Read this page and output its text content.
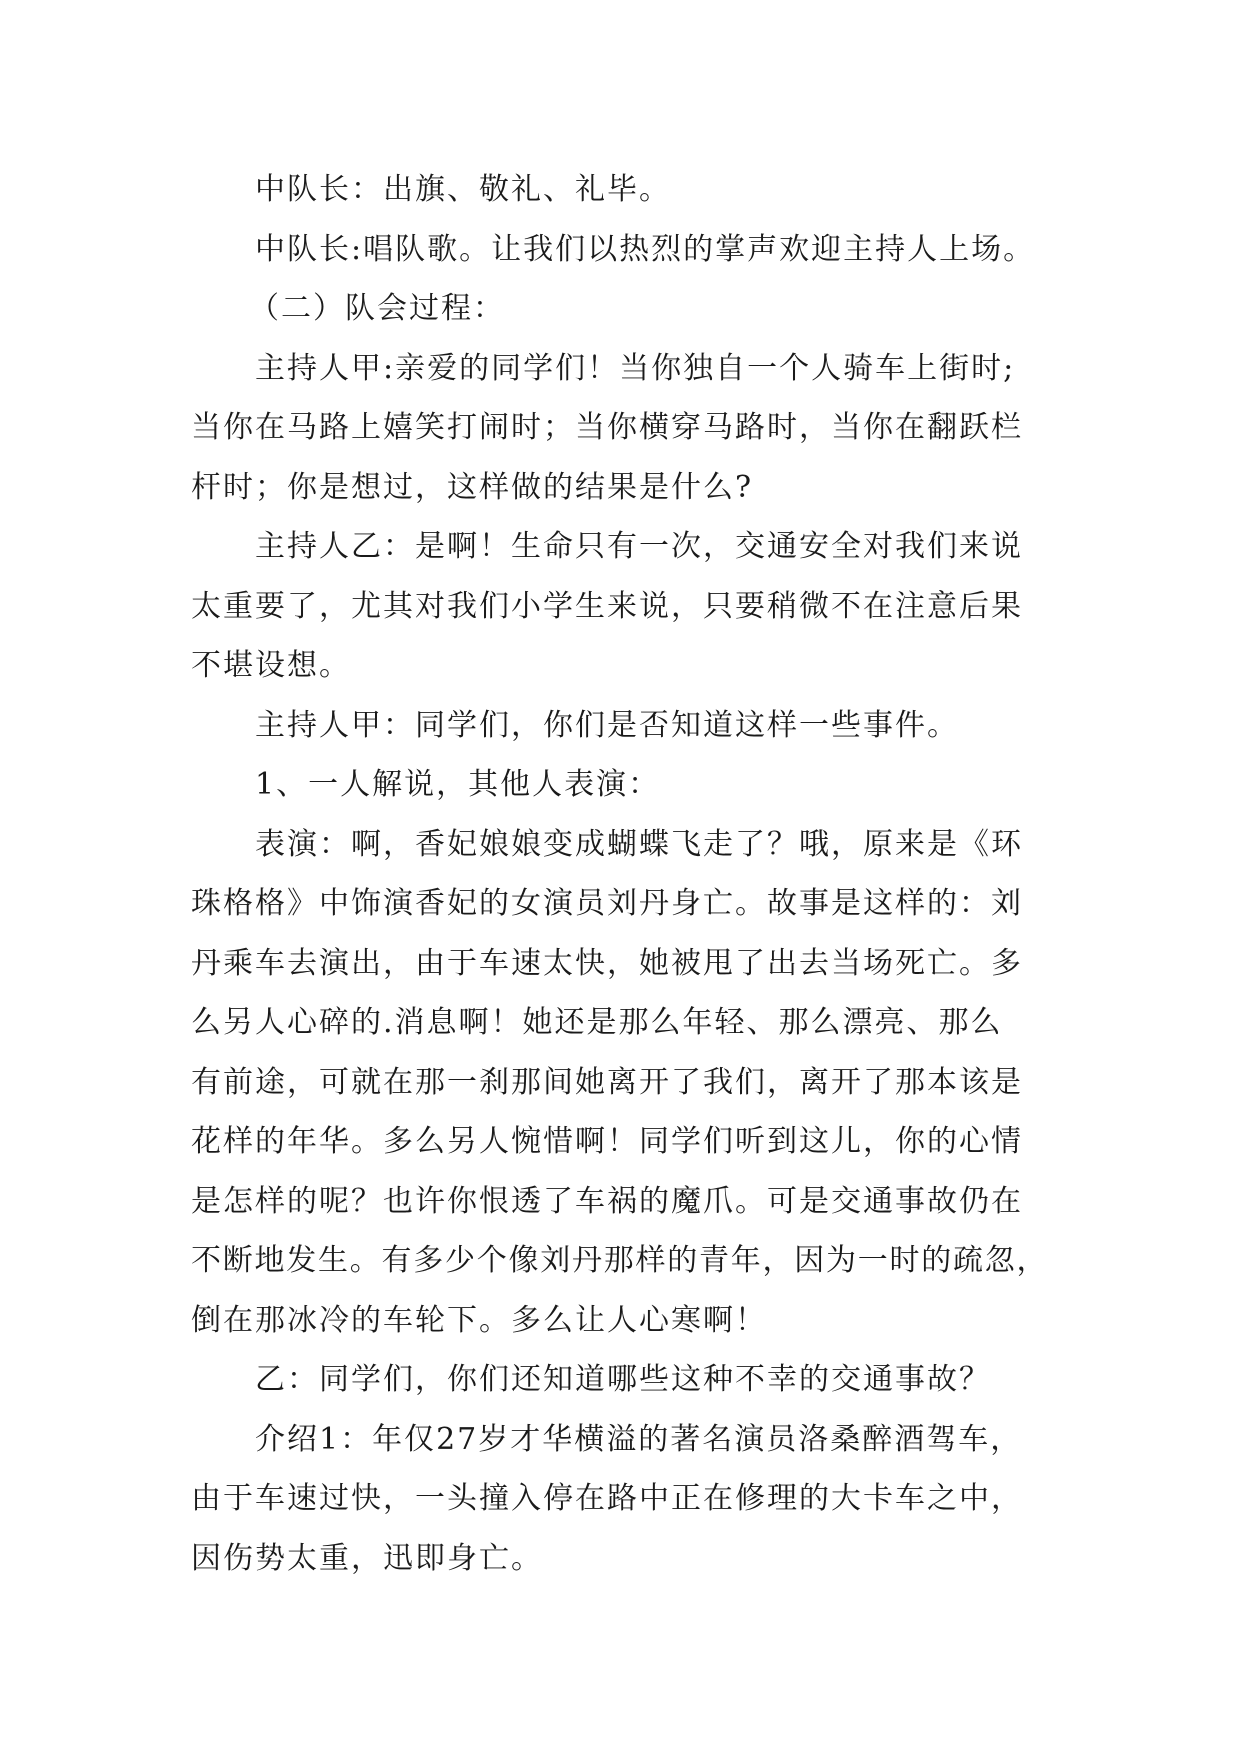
中队长：出旗、敬礼、礼毕。
中队长:唱队歌。让我们以热烈的掌声欢迎主持人上场。
（二）队会过程：
主持人甲:亲爱的同学们！当你独自一个人骑车上街时;
当你在马路上嬉笑打闹时；当你横穿马路时，当你在翻跃栏
杆时；你是想过，这样做的结果是什么?
主持人乙：是啊！生命只有一次，交通安全对我们来说
太重要了，尤其对我们小学生来说，只要稍微不在注意后果
不堪设想。
主持人甲：同学们，你们是否知道这样一些事件。
1、一人解说，其他人表演：
表演：啊，香妃娘娘变成蝴蝶飞走了？哦，原来是《环
珠格格》中饰演香妃的女演员刘丹身亡。故事是这样的：刘
丹乘车去演出，由于车速太快，她被甩了出去当场死亡。多
么另人心碎的.消息啊！她还是那么年轻、那么漂亮、那么
有前途，可就在那一刹那间她离开了我们，离开了那本该是
花样的年华。多么另人惋惜啊！同学们听到这儿，你的心情
是怎样的呢？也许你恨透了车祸的魔爪。可是交通事故仍在
不断地发生。有多少个像刘丹那样的青年，因为一时的疏忽，
倒在那冰冷的车轮下。多么让人心寒啊！
乙：同学们，你们还知道哪些这种不幸的交通事故？
介绍1：年仅27岁才华横溢的著名演员洛桑醉酒驾车，
由于车速过快，一头撞入停在路中正在修理的大卡车之中，
因伤势太重，迅即身亡。
